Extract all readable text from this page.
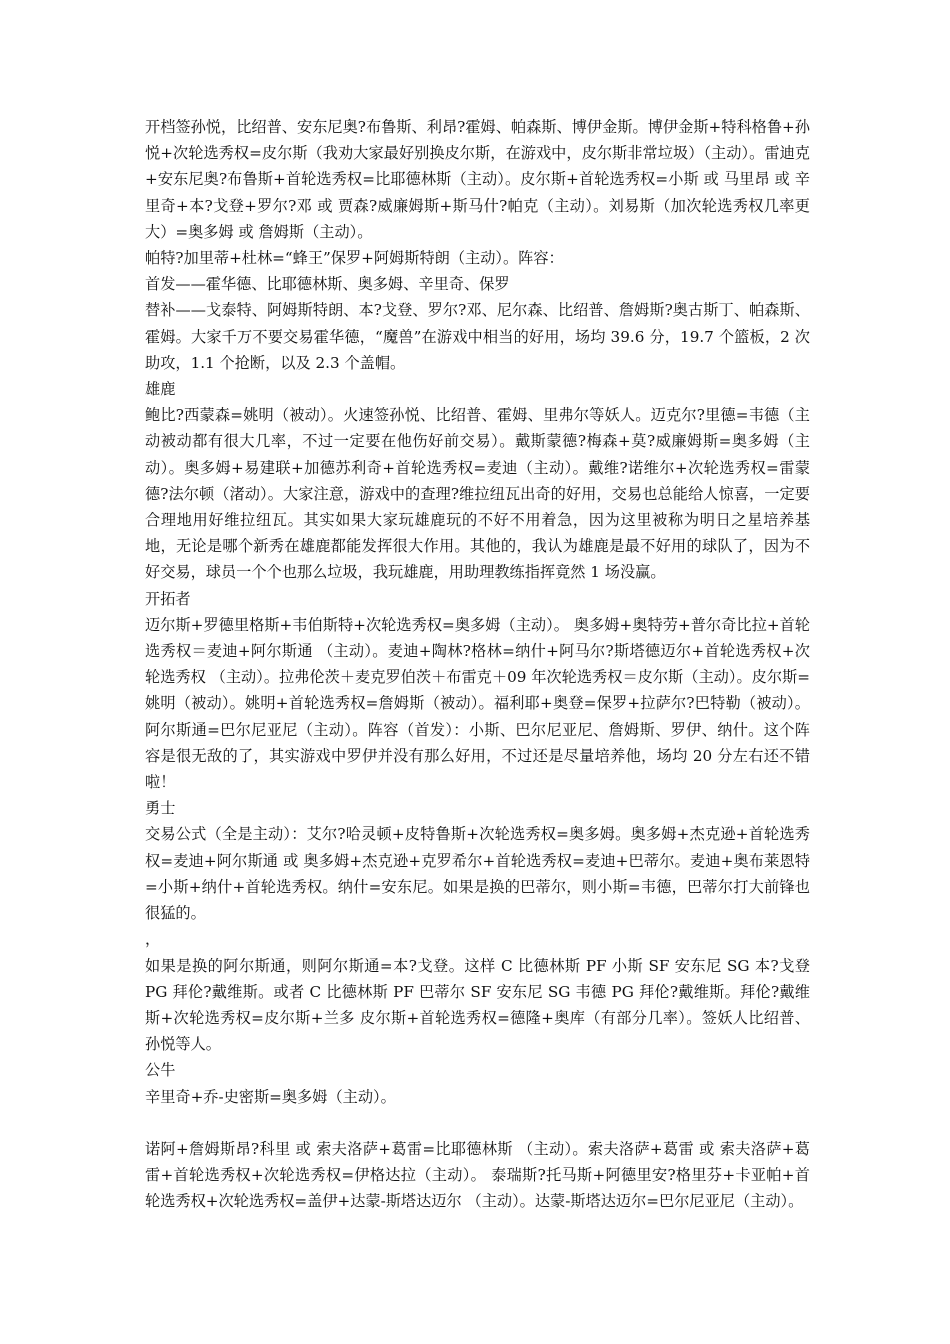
开档签孙悦，比绍普、安东尼奥?布鲁斯、利昂?霍姆、帕森斯、博伊金斯。博伊金斯+特科格鲁+孙悦+次轮选秀权=皮尔斯（我劝大家最好别换皮尔斯，在游戏中，皮尔斯非常垃圾）（主动）。雷迪克+安东尼奥?布鲁斯+首轮选秀权=比耶德林斯（主动）。皮尔斯+首轮选秀权=小斯 或 马里昂 或 辛里奇+本?戈登+罗尔?邓 或 贾森?威廉姆斯+斯马什?帕克（主动）。刘易斯（加次轮选秀权几率更大）=奥多姆 或 詹姆斯（主动）。

帕特?加里蒂+杜林=“蜂王”保罗+阿姆斯特朗（主动）。阵容：

首发——霍华德、比耶德林斯、奥多姆、辛里奇、保罗

替补——戈泰特、阿姆斯特朗、本?戈登、罗尔?邓、尼尔森、比绍普、詹姆斯?奥古斯丁、帕森斯、霍姆。大家千万不要交易霍华德，“魔兽”在游戏中相当的好用，场均 39.6 分，19.7 个篮板，2 次助攻，1.1 个抢断，以及 2.3 个盖帽。

雄鹿

鲍比?西蒙森=姚明（被动）。火速签孙悦、比绍普、霍姆、里弗尔等妖人。迈克尔?里德=韦德（主动被动都有很大几率，不过一定要在他伤好前交易）。戴斯蒙德?梅森+莫?威廉姆斯=奥多姆（主动）。奥多姆+易建联+加德苏利奇+首轮选秀权=麦迪（主动）。戴维?诺维尔+次轮选秀权=雷蒙德?法尔顿（渚动）。大家注意，游戏中的查理?维拉纽瓦出奇的好用，交易也总能给人惊喜，一定要合理地用好维拉纽瓦。其实如果大家玩雄鹿玩的不好不用着急，因为这里被称为明日之星培养基地，无论是哪个新秀在雄鹿都能发挥很大作用。其他的，我认为雄鹿是最不好用的球队了，因为不好交易，球员一个个也那么垃圾，我玩雄鹿，用助理教练指挥竟然 1 场没赢。

开拓者

迈尔斯+罗德里格斯+韦伯斯特+次轮选秀权=奥多姆（主动）。 奥多姆+奥特劳+普尔奇比拉+首轮选秀权＝麦迪+阿尔斯通 （主动）。麦迪+陶林?格林=纳什+阿马尔?斯塔德迈尔+首轮选秀权+次轮选秀权 （主动）。拉弗伦茨＋麦克罗伯茨＋布雷克＋09 年次轮选秀权＝皮尔斯（主动）。皮尔斯=姚明（被动）。姚明+首轮选秀权=詹姆斯（被动）。福利耶+奥登=保罗+拉萨尔?巴特勒（被动）。阿尔斯通=巴尔尼亚尼（主动）。阵容（首发）：小斯、巴尔尼亚尼、詹姆斯、罗伊、纳什。这个阵容是很无敌的了，其实游戏中罗伊并没有那么好用，不过还是尽量培养他，场均 20 分左右还不错啦！

勇士

交易公式（全是主动）：艾尔?哈灵顿+皮特鲁斯+次轮选秀权=奥多姆。奥多姆+杰克逊+首轮选秀权=麦迪+阿尔斯通 或 奥多姆+杰克逊+克罗希尔+首轮选秀权=麦迪+巴蒂尔。麦迪+奥布莱恩特=小斯+纳什+首轮选秀权。纳什=安东尼。如果是换的巴蒂尔，则小斯=韦德，巴蒂尔打大前锋也很猛的。

，

如果是换的阿尔斯通，则阿尔斯通=本?戈登。这样 C 比德林斯 PF 小斯 SF 安东尼 SG 本?戈登 PG 拜伦?戴维斯。或者 C 比德林斯 PF 巴蒂尔 SF 安东尼 SG 韦德 PG 拜伦?戴维斯。拜伦?戴维斯+次轮选秀权=皮尔斯+兰多 皮尔斯+首轮选秀权=德隆+奥库（有部分几率）。签妖人比绍普、孙悦等人。

公牛

辛里奇+乔-史密斯=奥多姆（主动）。

诺阿+詹姆斯昂?科里 或 索夫洛萨+葛雷=比耶德林斯 （主动）。索夫洛萨+葛雷 或 索夫洛萨+葛雷+首轮选秀权+次轮选秀权=伊格达拉（主动）。 泰瑞斯?托马斯+阿德里安?格里芬+卡亚帕+首轮选秀权+次轮选秀权=盖伊+达蒙-斯塔达迈尔 （主动）。达蒙-斯塔达迈尔=巴尔尼亚尼（主动）。
